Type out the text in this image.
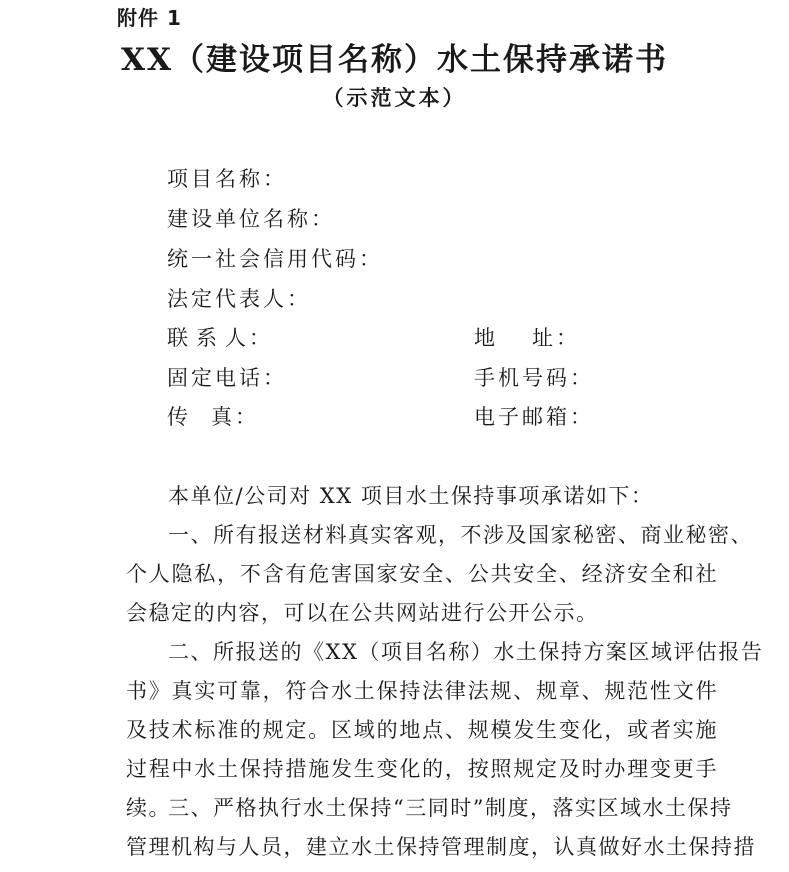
附件 1
XX（建设项目名称）水土保持承诺书
（示范文本）
项目名称：
建设单位名称：
统一社会信用代码：
法定代表人：
联 系 人：	地 址：
固定电话：	手机号码：
传 真：	电子邮箱：
本单位/公司对 XX 项目水土保持事项承诺如下：
一、所有报送材料真实客观，不涉及国家秘密、商业秘密、
个人隐私，不含有危害国家安全、公共安全、经济安全和社会稳定的内容，可以在公共网站进行公开公示。
二、所报送的《XX（项目名称）水土保持方案区域评估报告
书》真实可靠，符合水土保持法律法规、规章、规范性文件及技术标准的规定。区域的地点、规模发生变化，或者实施过程中水土保持措施发生变化的，按照规定及时办理变更手续。
三、严格执行水土保持“三同时”制度，落实区域水土保持
管理机构与人员，建立水土保持管理制度，认真做好水土保持措
